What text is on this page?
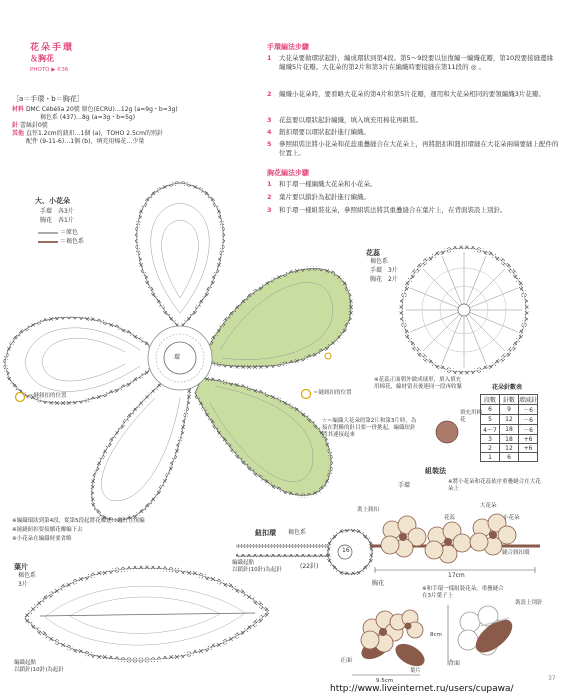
花朵手環
＆胸花
PHOTO ▶ P.36
［a＝手環・b＝胸花］
材料 DMC Cébélia 20號 原色(ECRU)…12g (a=9g・b=3g)
褐色系 (437)…8g (a=3g・b=5g)
針 蕾絲針0號
其他 直徑1.2cm的鈕扣…1個 (a)，TOHO 2.5cm的別針
配件 (9-11-6)…1個 (b)，填充用棉花…少量
手環編法步驟
1 大花朵要做環狀起針，編成環狀到第4段。第5～9段要以往復編一編織花瓣，第10段要接縫邊緣編織5片花瓣。大花朵的第2片和第3片在編織時要接縫在第11段的 ◎ 。
2 編織小花朵時，要看略大花朵的第4片和第5片花瓣，運用和大花朵相同的要領編織3片花瓣。
3 花蕊要以環狀起針編織，填入填充用棉花再組裝。
4 鈕扣環要以環狀起針進行編織。
5 參照組裝法將小花朵和花蕊重疊縫合在大花朵上，再將鈕扣和鈕扣環縫在大花朵兩端要縫上配件的位置上。
胸花編法步驟
1 和手環一樣編織大花朵和小花朵。
2 葉片要以鎖針為起針進行編織。
3 和手環一樣組裝花朵，參照組裝法將其重疊縫合在葉片上，在背面裝設上別針。
大、小花朵
手環　 各3片
胸花　 各1片
＝原色
＝褐色系
環
＝縫鈕扣的位置	＝縫鈕扣的位置
☆＝編織大花朵的第2片和第3片時，為接在對稱的針目要一併挑起，編織短針將其連接起來
花蕊
褐色系
手環　 3片
胸花　 2片
※花蕊正面朝外做成球形，填入填充用棉花，線材留長後連同一段再收緊
填充用棉花
花朵針數表
段數	針數	增減針
6	9	－6
5	12	－6
4～7	18	－6
3	18	+6
2	12	+6
1	6	
※編織環狀到第4段，從第5段起將花瓣逐一進行往復編
※繞縫鈕扣要接續花瓣編下去
※小花朵在編織時要省略
鈕扣環 褐色系
16
(22針)
編織起點
以鎖針(10針)為起針
葉片
褐色系
3片
編織起點
以鎖針(10針)為起針
組裝法
手環	※將小花朵和花蕊依序重疊縫合在大花朵上
裝上鈕扣
花蕊
大花朵
小花朵
縫合鈕扣環
17cm
胸花
※和手環一樣組裝花朵，重疊縫合在3片葉子上
裝設上別針
正面	背面
葉片
8cm
9.5cm	37
http://www.liveinternet.ru/users/cupawa/
